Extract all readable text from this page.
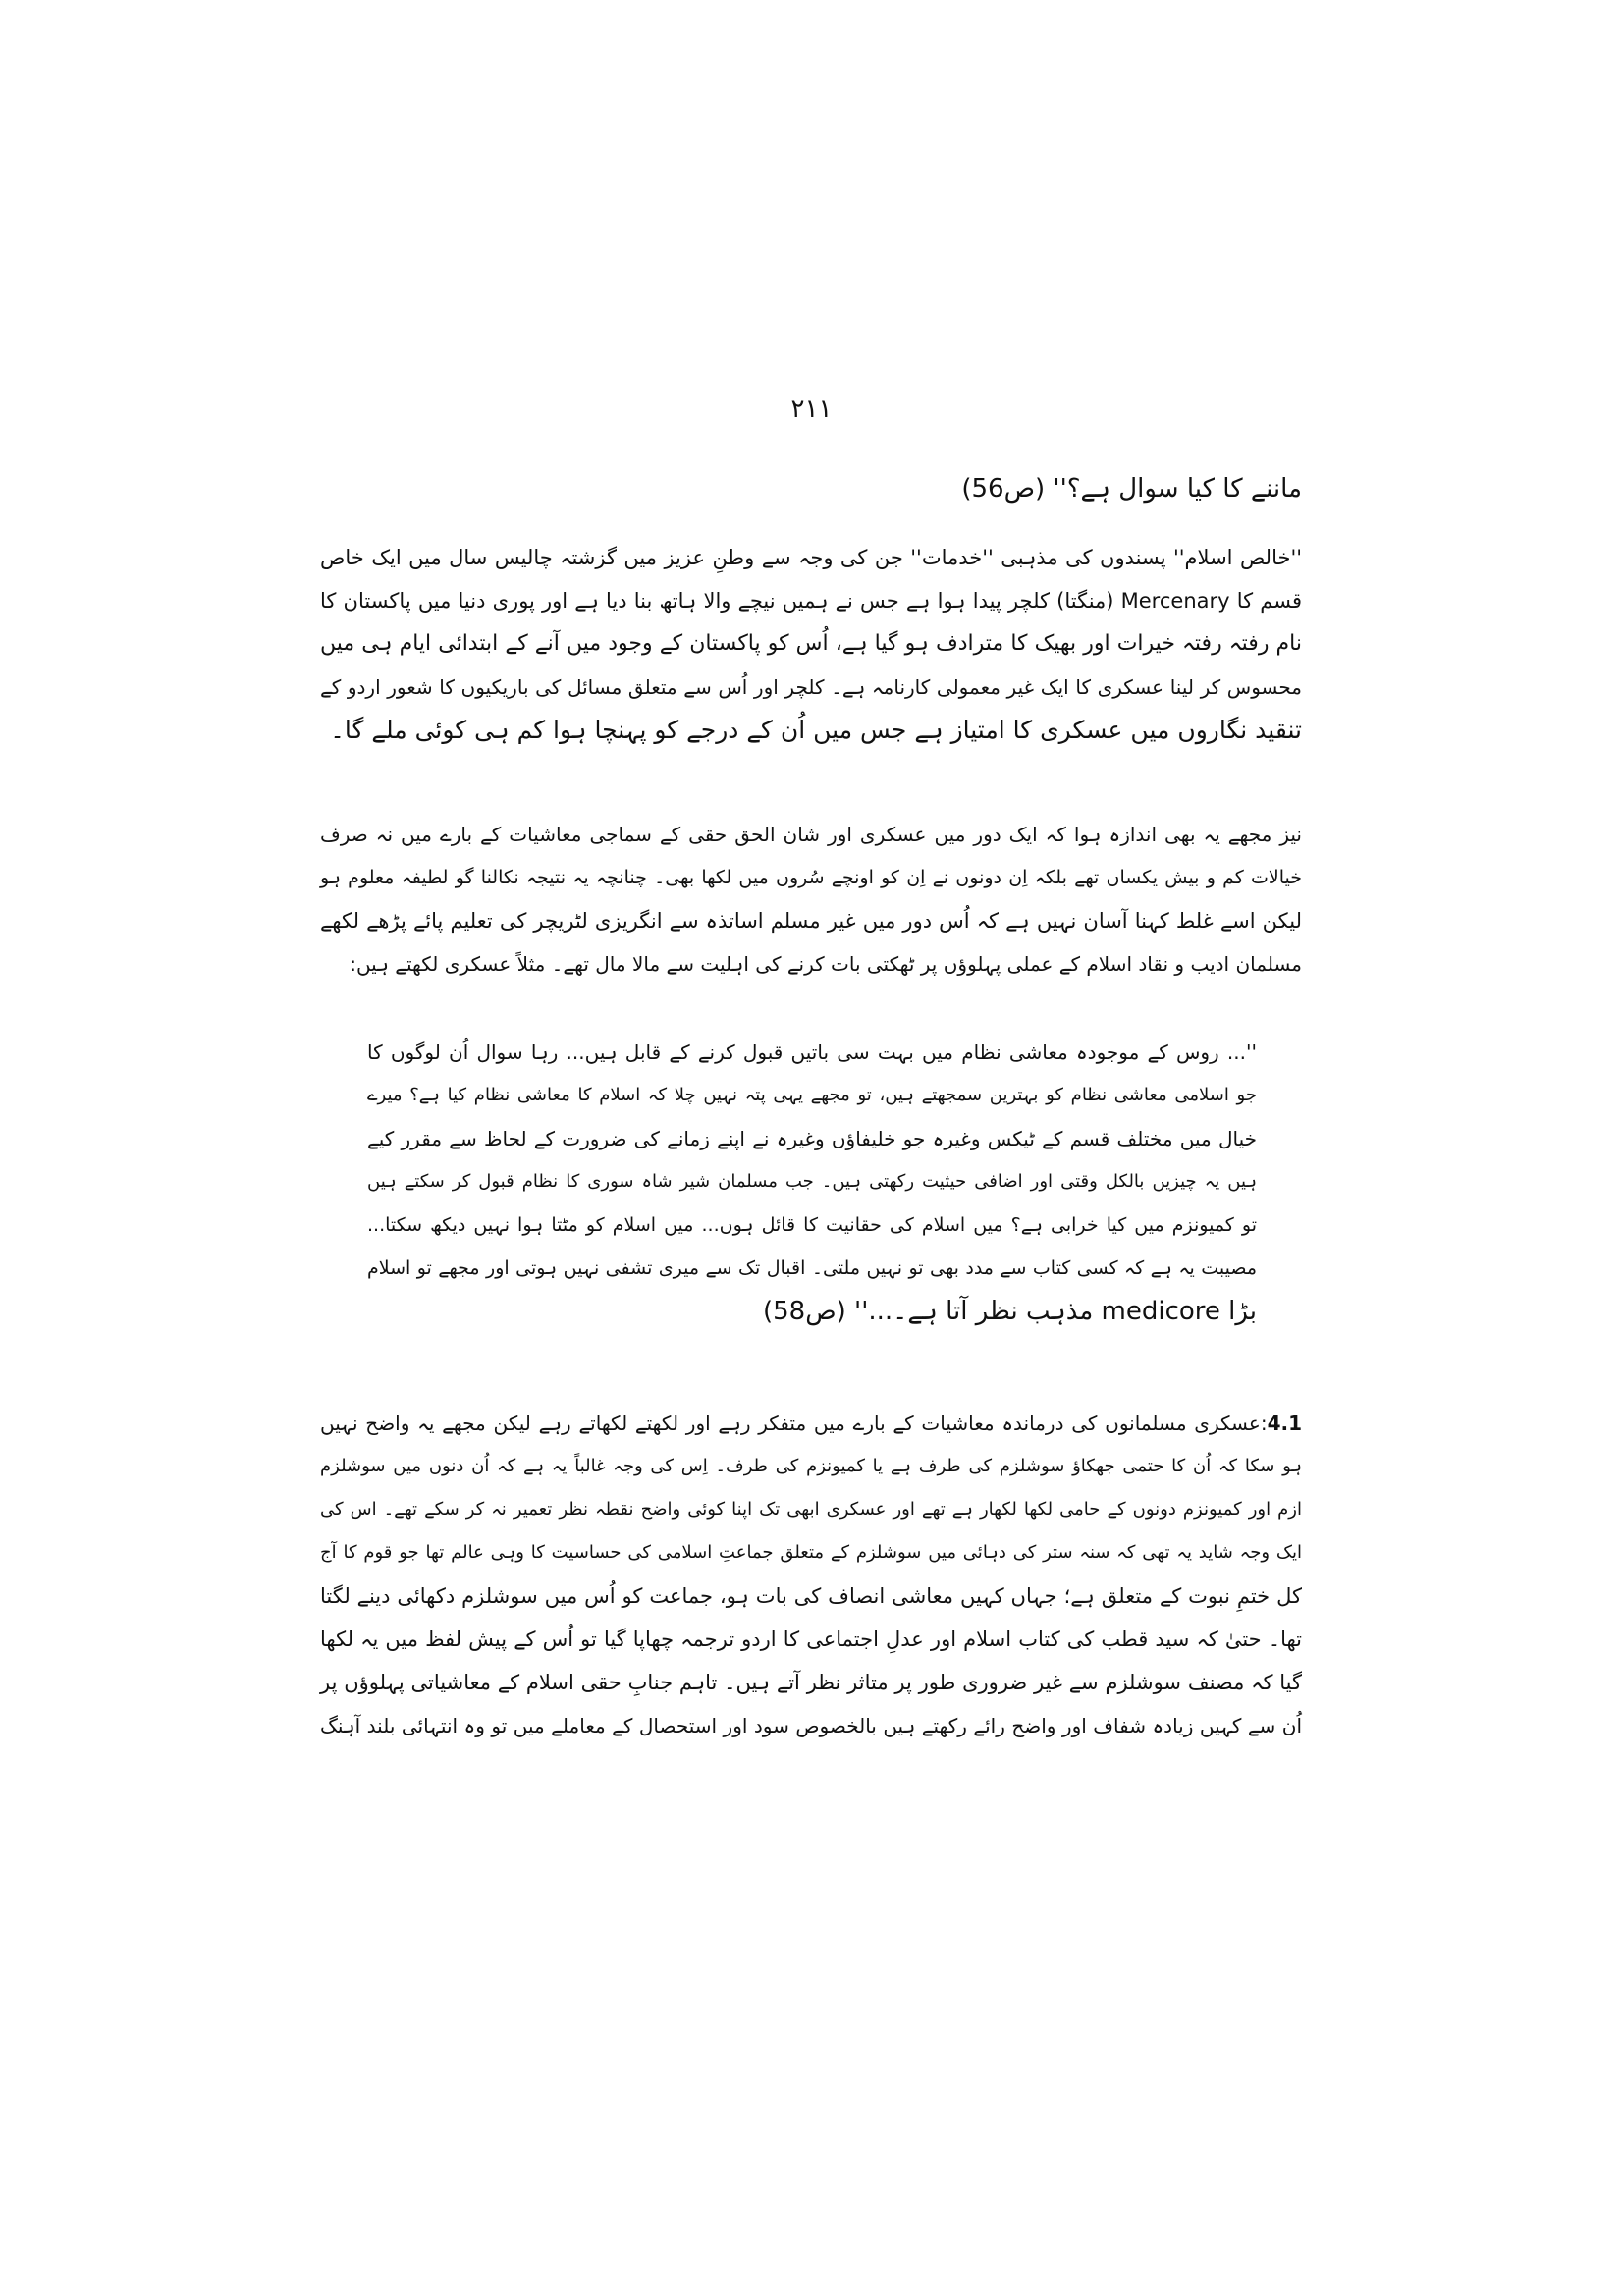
۲۱۱
ماننے کا کیا سوال ہے؟'' (ص56)
''خالص اسلام'' پسندوں کی مذہبی ''خدمات'' جن کی وجہ سے وطنِ عزیز میں گزشتہ چالیس سال میں ایک خاص
قسم کا Mercenary (منگتا) کلچر پیدا ہوا ہے جس نے ہمیں نیچے والا ہاتھ بنا دیا ہے اور پوری دنیا میں پاکستان کا
نام رفتہ رفتہ خیرات اور بھیک کا مترادف ہو گیا ہے، اُس کو پاکستان کے وجود میں آنے کے ابتدائی ایام ہی میں
محسوس کر لینا عسکری کا ایک غیر معمولی کارنامہ ہے۔ کلچر اور اُس سے متعلق مسائل کی باریکیوں کا شعور اردو کے
تنقید نگاروں میں عسکری کا امتیاز ہے جس میں اُن کے درجے کو پہنچا ہوا کم ہی کوئی ملے گا۔
نیز مجھے یہ بھی اندازہ ہوا کہ ایک دور میں عسکری اور شان الحق حقی کے سماجی معاشیات کے بارے میں نہ صرف
خیالات کم و بیش یکساں تھے بلکہ اِن دونوں نے اِن کو اونچے سُروں میں لکھا بھی۔ چنانچہ یہ نتیجہ نکالنا گو لطیفہ معلوم ہو
لیکن اسے غلط کہنا آسان نہیں ہے کہ اُس دور میں غیر مسلم اساتذہ سے انگریزی لٹریچر کی تعلیم پائے پڑھے لکھے
مسلمان ادیب و نقاد اسلام کے عملی پہلوؤں پر ٹھکتی بات کرنے کی اہلیت سے مالا مال تھے۔ مثلاً عسکری لکھتے ہیں:
''... روس کے موجودہ معاشی نظام میں بہت سی باتیں قبول کرنے کے قابل ہیں... رہا سوال اُن لوگوں کا
جو اسلامی معاشی نظام کو بہترین سمجھتے ہیں، تو مجھے یہی پتہ نہیں چلا کہ اسلام کا معاشی نظام کیا ہے؟ میرے
خیال میں مختلف قسم کے ٹیکس وغیرہ جو خلیفاؤں وغیرہ نے اپنے زمانے کی ضرورت کے لحاظ سے مقرر کیے
ہیں یہ چیزیں بالکل وقتی اور اضافی حیثیت رکھتی ہیں۔ جب مسلمان شیر شاہ سوری کا نظام قبول کر سکتے ہیں
تو کمیونزم میں کیا خرابی ہے؟ میں اسلام کی حقانیت کا قائل ہوں... میں اسلام کو مٹتا ہوا نہیں دیکھ سکتا...
مصیبت یہ ہے کہ کسی کتاب سے مدد بھی تو نہیں ملتی۔ اقبال تک سے میری تشفی نہیں ہوتی اور مجھے تو اسلام
بڑا medicore مذہب نظر آتا ہے۔...'' (ص58)
4.1:عسکری مسلمانوں کی درماندہ معاشیات کے بارے میں متفکر رہے اور لکھتے لکھاتے رہے لیکن مجھے یہ واضح نہیں
ہو سکا کہ اُن کا حتمی جھکاؤ سوشلزم کی طرف ہے یا کمیونزم کی طرف۔ اِس کی وجہ غالباً یہ ہے کہ اُن دنوں میں سوشلزم
ازم اور کمیونزم دونوں کے حامی لکھا لکھار ہے تھے اور عسکری ابھی تک اپنا کوئی واضح نقطہ نظر تعمیر نہ کر سکے تھے۔ اس کی
ایک وجہ شاید یہ تھی کہ سنہ ستر کی دہائی میں سوشلزم کے متعلق جماعتِ اسلامی کی حساسیت کا وہی عالم تھا جو قوم کا آج
کل ختمِ نبوت کے متعلق ہے؛ جہاں کہیں معاشی انصاف کی بات ہو، جماعت کو اُس میں سوشلزم دکھائی دینے لگتا
تھا۔ حتیٰ کہ سید قطب کی کتاب اسلام اور عدلِ اجتماعی کا اردو ترجمہ چھاپا گیا تو اُس کے پیش لفظ میں یہ لکھا
گیا کہ مصنف سوشلزم سے غیر ضروری طور پر متاثر نظر آتے ہیں۔ تاہم جنابِ حقی اسلام کے معاشیاتی پہلوؤں پر
اُن سے کہیں زیادہ شفاف اور واضح رائے رکھتے ہیں بالخصوص سود اور استحصال کے معاملے میں تو وہ انتہائی بلند آہنگ
